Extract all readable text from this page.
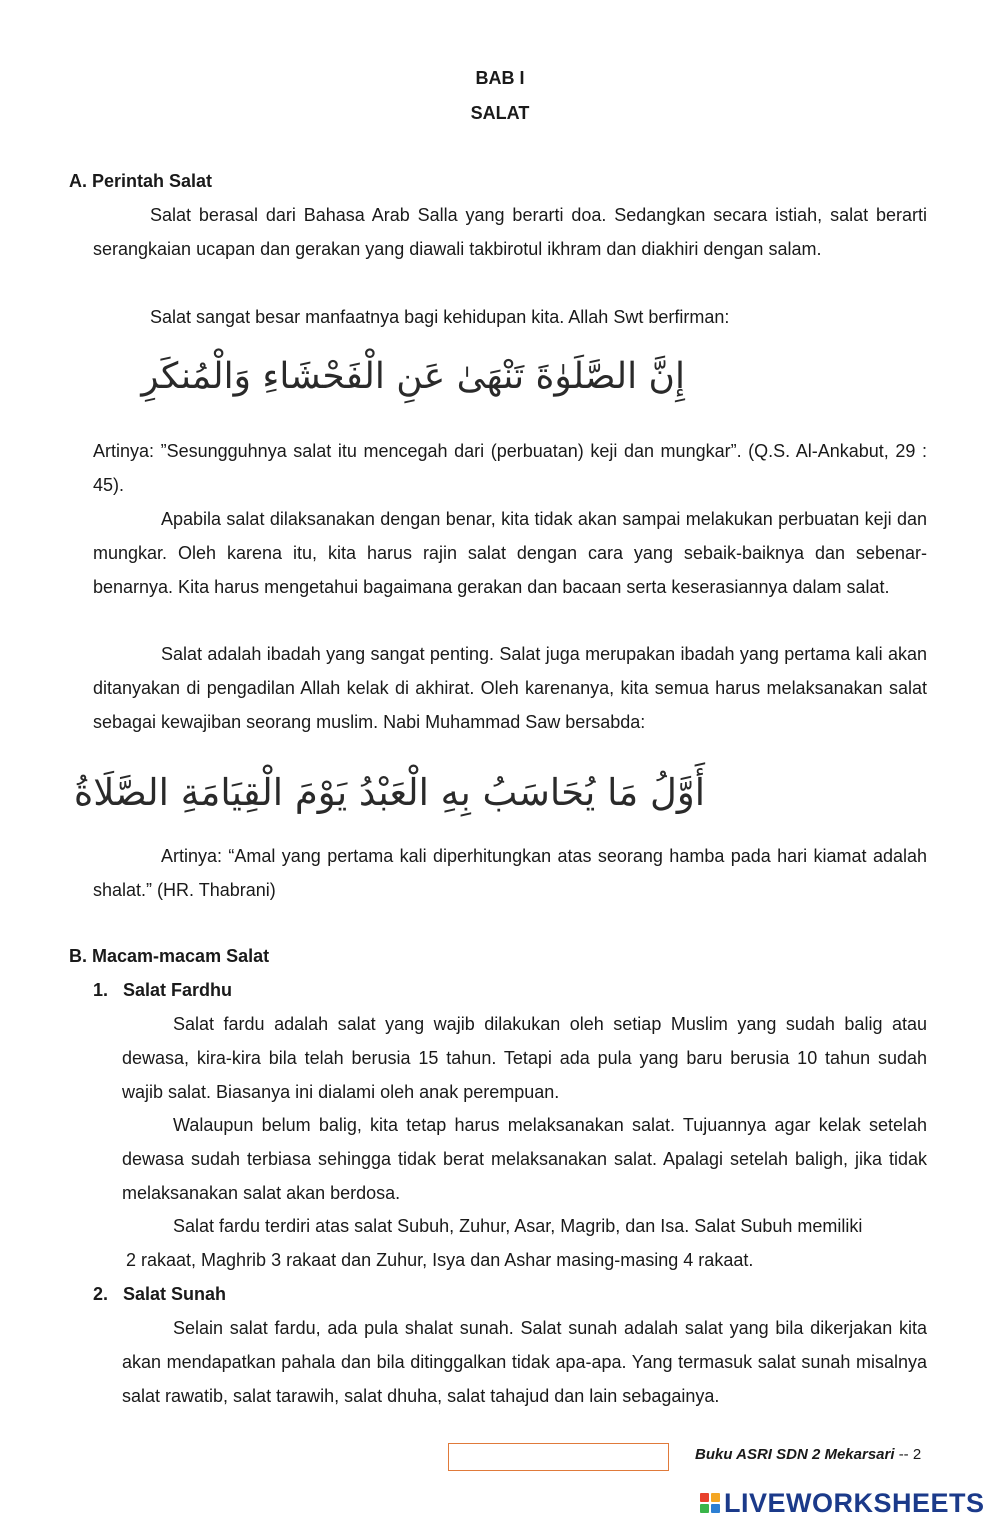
BAB I
SALAT
A. Perintah Salat

Salat berasal dari Bahasa Arab Salla yang berarti doa. Sedangkan secara istiah, salat berarti serangkaian ucapan dan gerakan yang diawali takbirotul ikhram dan diakhiri dengan salam.

Salat sangat besar manfaatnya bagi kehidupan kita. Allah Swt berfirman:

إِنَّ الصَّلَوٰةَ تَنْهَىٰ عَنِ الْفَحْشَاءِ وَالْمُنكَرِ

Artinya: ”Sesungguhnya salat itu mencegah dari (perbuatan) keji dan mungkar”. (Q.S. Al-Ankabut, 29 : 45).

Apabila salat dilaksanakan dengan benar, kita tidak akan sampai melakukan perbuatan keji dan mungkar. Oleh karena itu, kita harus rajin salat dengan cara yang sebaik-baiknya dan sebenar-benarnya. Kita harus mengetahui bagaimana gerakan dan bacaan serta keserasiannya dalam salat.

Salat adalah ibadah yang sangat penting. Salat juga merupakan ibadah yang pertama kali akan ditanyakan di pengadilan Allah kelak di akhirat. Oleh karenanya, kita semua harus melaksanakan salat sebagai kewajiban seorang muslim. Nabi Muhammad Saw bersabda:

أَوَّلُ مَا يُحَاسَبُ بِهِ الْعَبْدُ يَوْمَ الْقِيَامَةِ الصَّلَاةُ

Artinya: “Amal yang pertama kali diperhitungkan atas seorang hamba pada hari kiamat adalah shalat.” (HR. Thabrani)

B. Macam-macam Salat
1.   Salat Fardhu

Salat fardu adalah salat yang wajib dilakukan oleh setiap Muslim yang sudah balig atau dewasa, kira-kira bila telah berusia 15 tahun. Tetapi ada pula yang baru berusia 10 tahun sudah wajib salat. Biasanya ini dialami oleh anak perempuan.

Walaupun belum balig, kita tetap harus melaksanakan salat. Tujuannya agar kelak setelah dewasa sudah terbiasa sehingga tidak berat melaksanakan salat. Apalagi setelah baligh, jika tidak melaksanakan salat akan berdosa.

Salat fardu terdiri atas salat Subuh, Zuhur, Asar, Magrib, dan Isa. Salat Subuh memiliki

2 rakaat, Maghrib 3 rakaat dan Zuhur, Isya dan Ashar masing-masing 4 rakaat.

2.   Salat Sunah

Selain salat fardu, ada pula shalat sunah. Salat sunah adalah salat yang bila dikerjakan kita akan mendapatkan pahala dan bila ditinggalkan tidak apa-apa. Yang termasuk salat sunah misalnya salat rawatib, salat tarawih, salat dhuha, salat tahajud dan lain sebagainya.

Buku ASRI SDN 2 Mekarsari -- 2
LIVEWORKSHEETS
